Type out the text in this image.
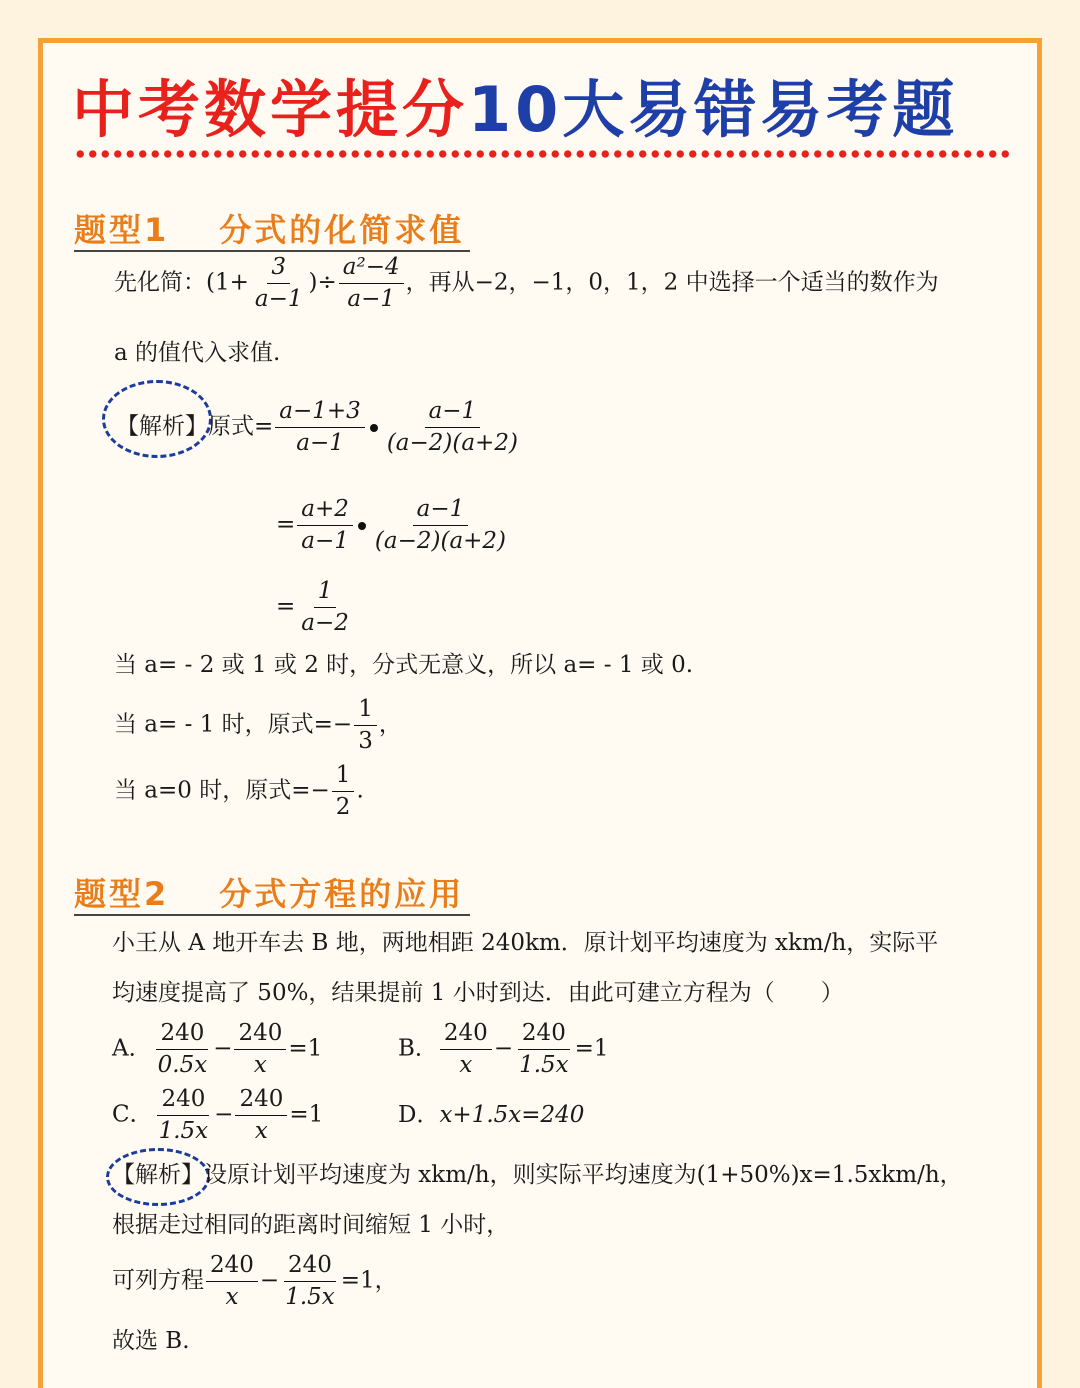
中考数学提分10大易错易考题
题型1 分式的化简求值
先化简：($1+ \frac{3}{a-1}$ )÷ $\frac{\text{a²−4}}{a-1}$ ，再从−2，−1，0，1，2 中选择一个适当的数作为
a 的值代入求值.
【解析】原式= $\frac{a-1+3}{a-1} \frac{a-1}{(a-2)(a+2)}$
= $\frac{a+2}{a-1} \frac{a-1}{(a-2)(a+2)}$
= $\frac{1}{a-2}$
当 a= - 2 或 1 或 2 时，分式无意义，所以 a= - 1 或 0.
当 a= - 1 时，原式=− $\frac{1}{3}$ ，
当 a=0 时，原式=− $\frac{1}{2}$ .
题型2 分式方程的应用
小王从 A 地开车去 B 地，两地相距 240km．原计划平均速度为 xkm/h，实际平
均速度提高了 50%，结果提前 1 小时到达．由此可建立方程为（　　）
A． $\frac{240}{0.5x} - \frac{240}{x} =1$	B． $\frac{240}{x} - \frac{240}{1.5x} =1$
C． $\frac{240}{1.5x} - \frac{240}{x} =1$	D．x+1.5x=240
【解析】设原计划平均速度为 xkm/h，则实际平均速度为(1+50%)x=1.5xkm/h，
根据走过相同的距离时间缩短 1 小时，
可列方程 $\frac{240}{x} - \frac{240}{1.5x} =1$，
故选 B.
